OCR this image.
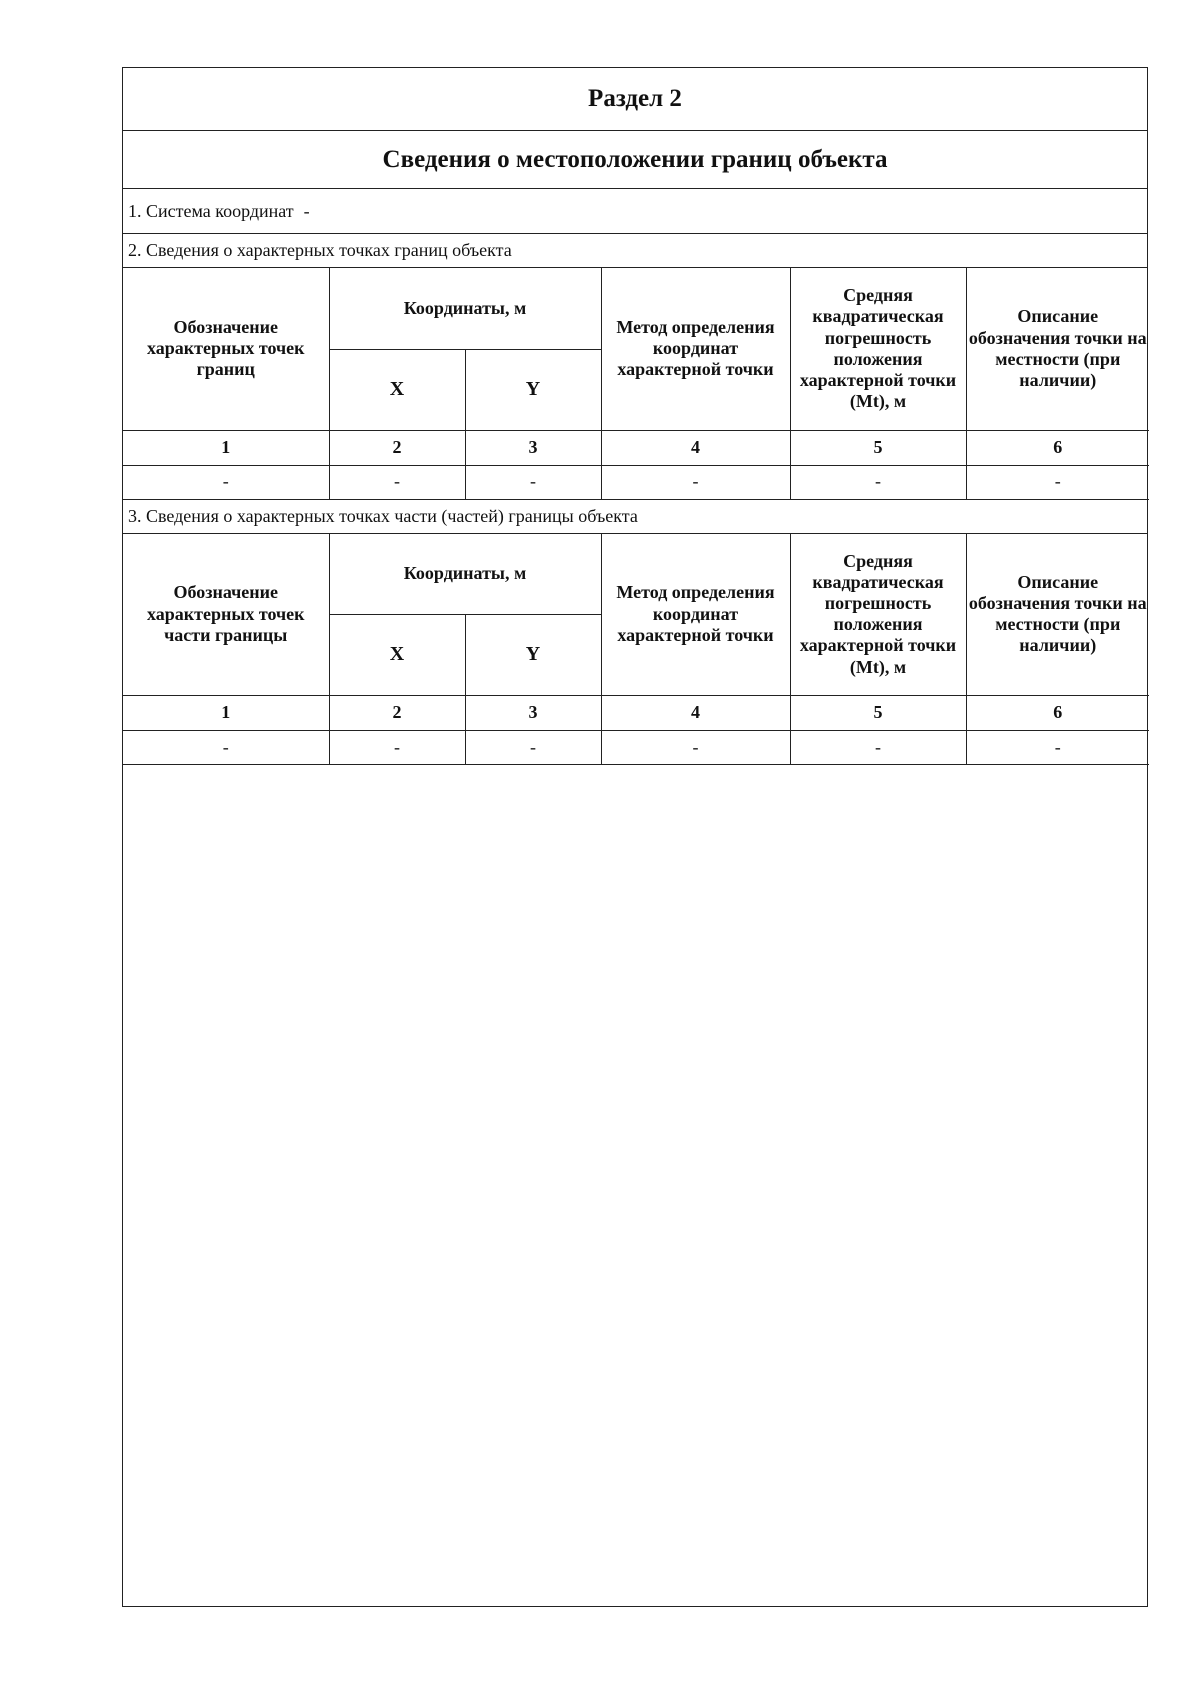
Раздел 2
Сведения о местоположении границ объекта
1. Система координат -
2. Сведения о характерных точках границ объекта
Обозначение характерных точек границ	Координаты, м		Метод определения координат характерной точки	Средняя квадратическая погрешность положения характерной точки (Mt), м	Описание обозначения точки на местности (при наличии)
	X	Y			
1	2	3	4	5	6
-	-	-	-	-	-
3. Сведения о характерных точках части (частей) границы объекта
Обозначение характерных точек части границы	Координаты, м		Метод определения координат характерной точки	Средняя квадратическая погрешность положения характерной точки (Mt), м	Описание обозначения точки на местности (при наличии)
	X	Y			
1	2	3	4	5	6
-	-	-	-	-	-
